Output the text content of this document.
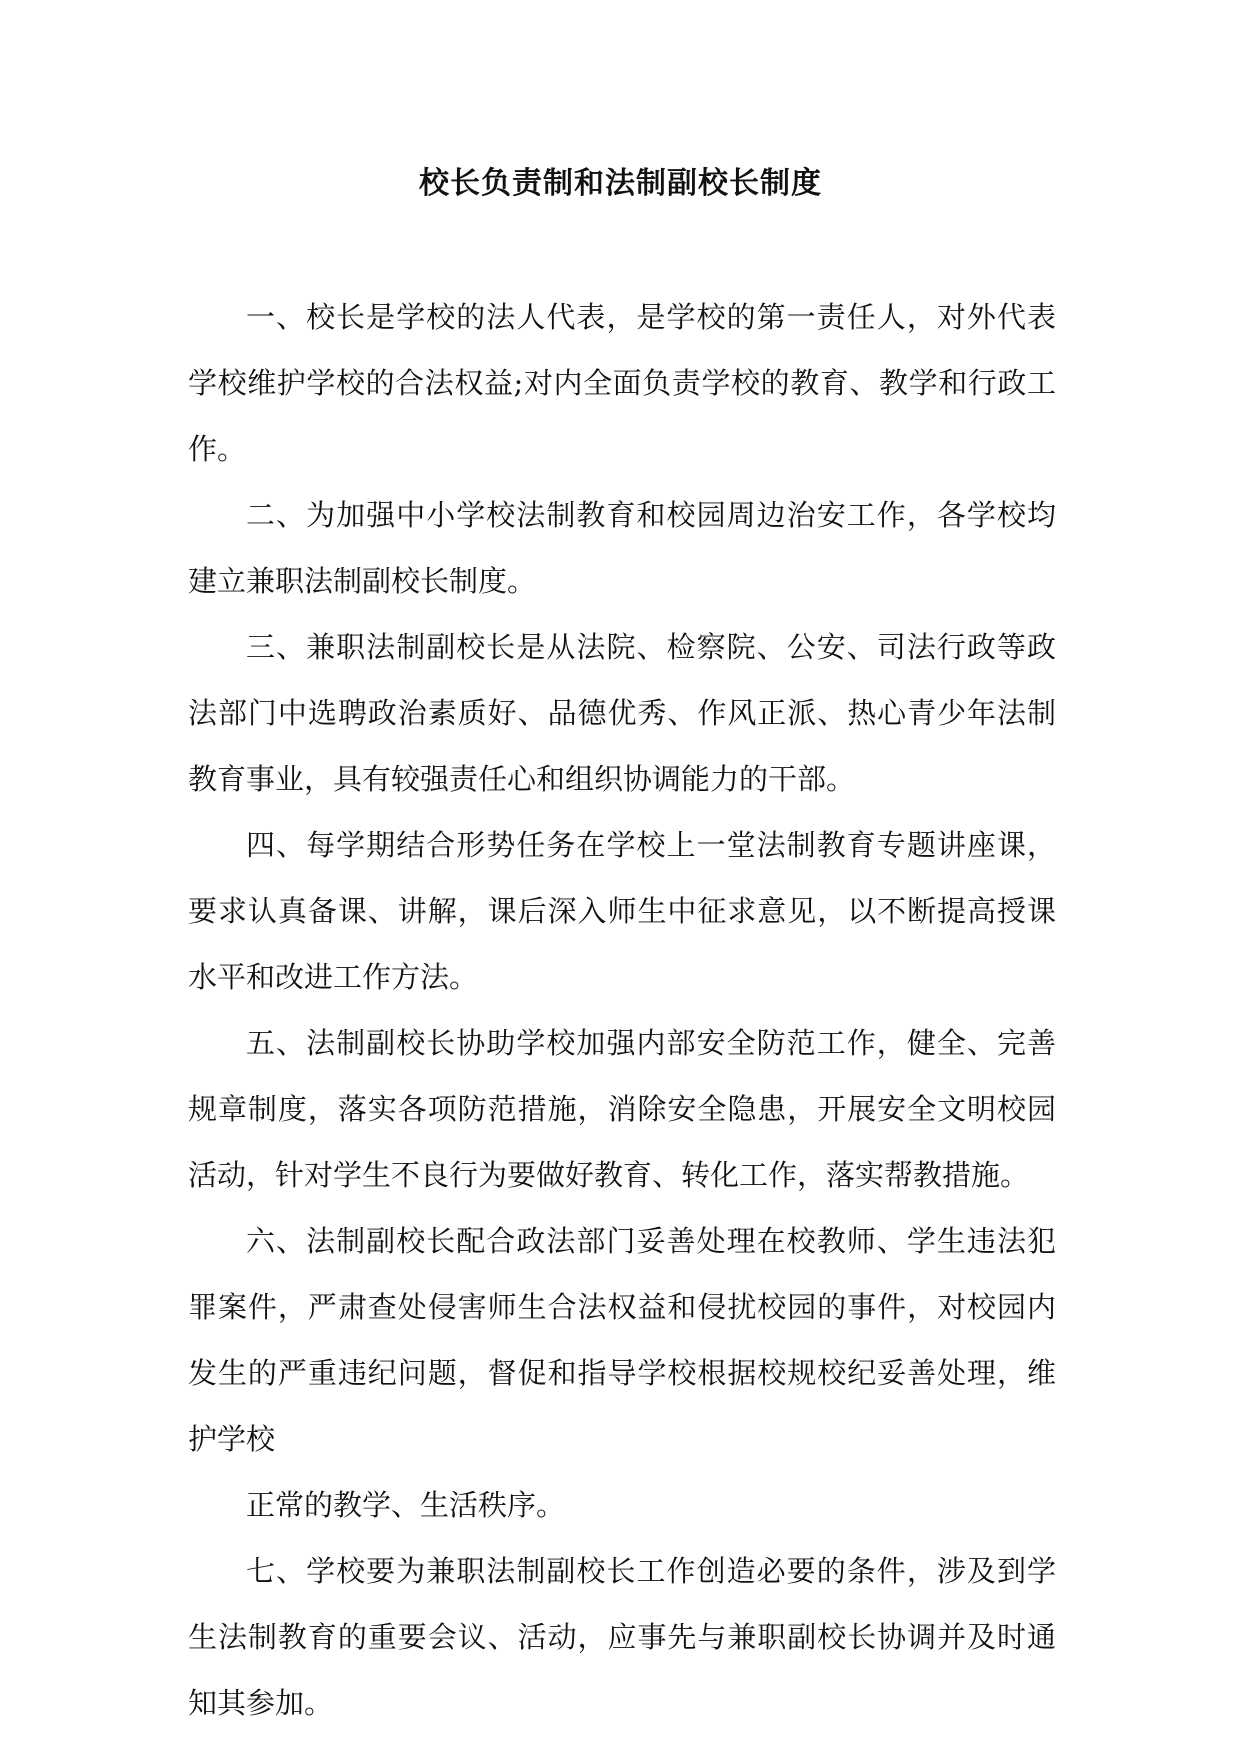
校长负责制和法制副校长制度

一、校长是学校的法人代表，是学校的第一责任人，对外代表学校维护学校的合法权益;对内全面负责学校的教育、教学和行政工作。

二、为加强中小学校法制教育和校园周边治安工作，各学校均建立兼职法制副校长制度。

三、兼职法制副校长是从法院、检察院、公安、司法行政等政法部门中选聘政治素质好、品德优秀、作风正派、热心青少年法制教育事业，具有较强责任心和组织协调能力的干部。

四、每学期结合形势任务在学校上一堂法制教育专题讲座课，要求认真备课、讲解，课后深入师生中征求意见，以不断提高授课水平和改进工作方法。

五、法制副校长协助学校加强内部安全防范工作，健全、完善规章制度，落实各项防范措施，消除安全隐患，开展安全文明校园活动，针对学生不良行为要做好教育、转化工作，落实帮教措施。

六、法制副校长配合政法部门妥善处理在校教师、学生违法犯罪案件，严肃查处侵害师生合法权益和侵扰校园的事件，对校园内发生的严重违纪问题，督促和指导学校根据校规校纪妥善处理，维护学校

正常的教学、生活秩序。

七、学校要为兼职法制副校长工作创造必要的条件，涉及到学生法制教育的重要会议、活动，应事先与兼职副校长协调并及时通知其参加。
